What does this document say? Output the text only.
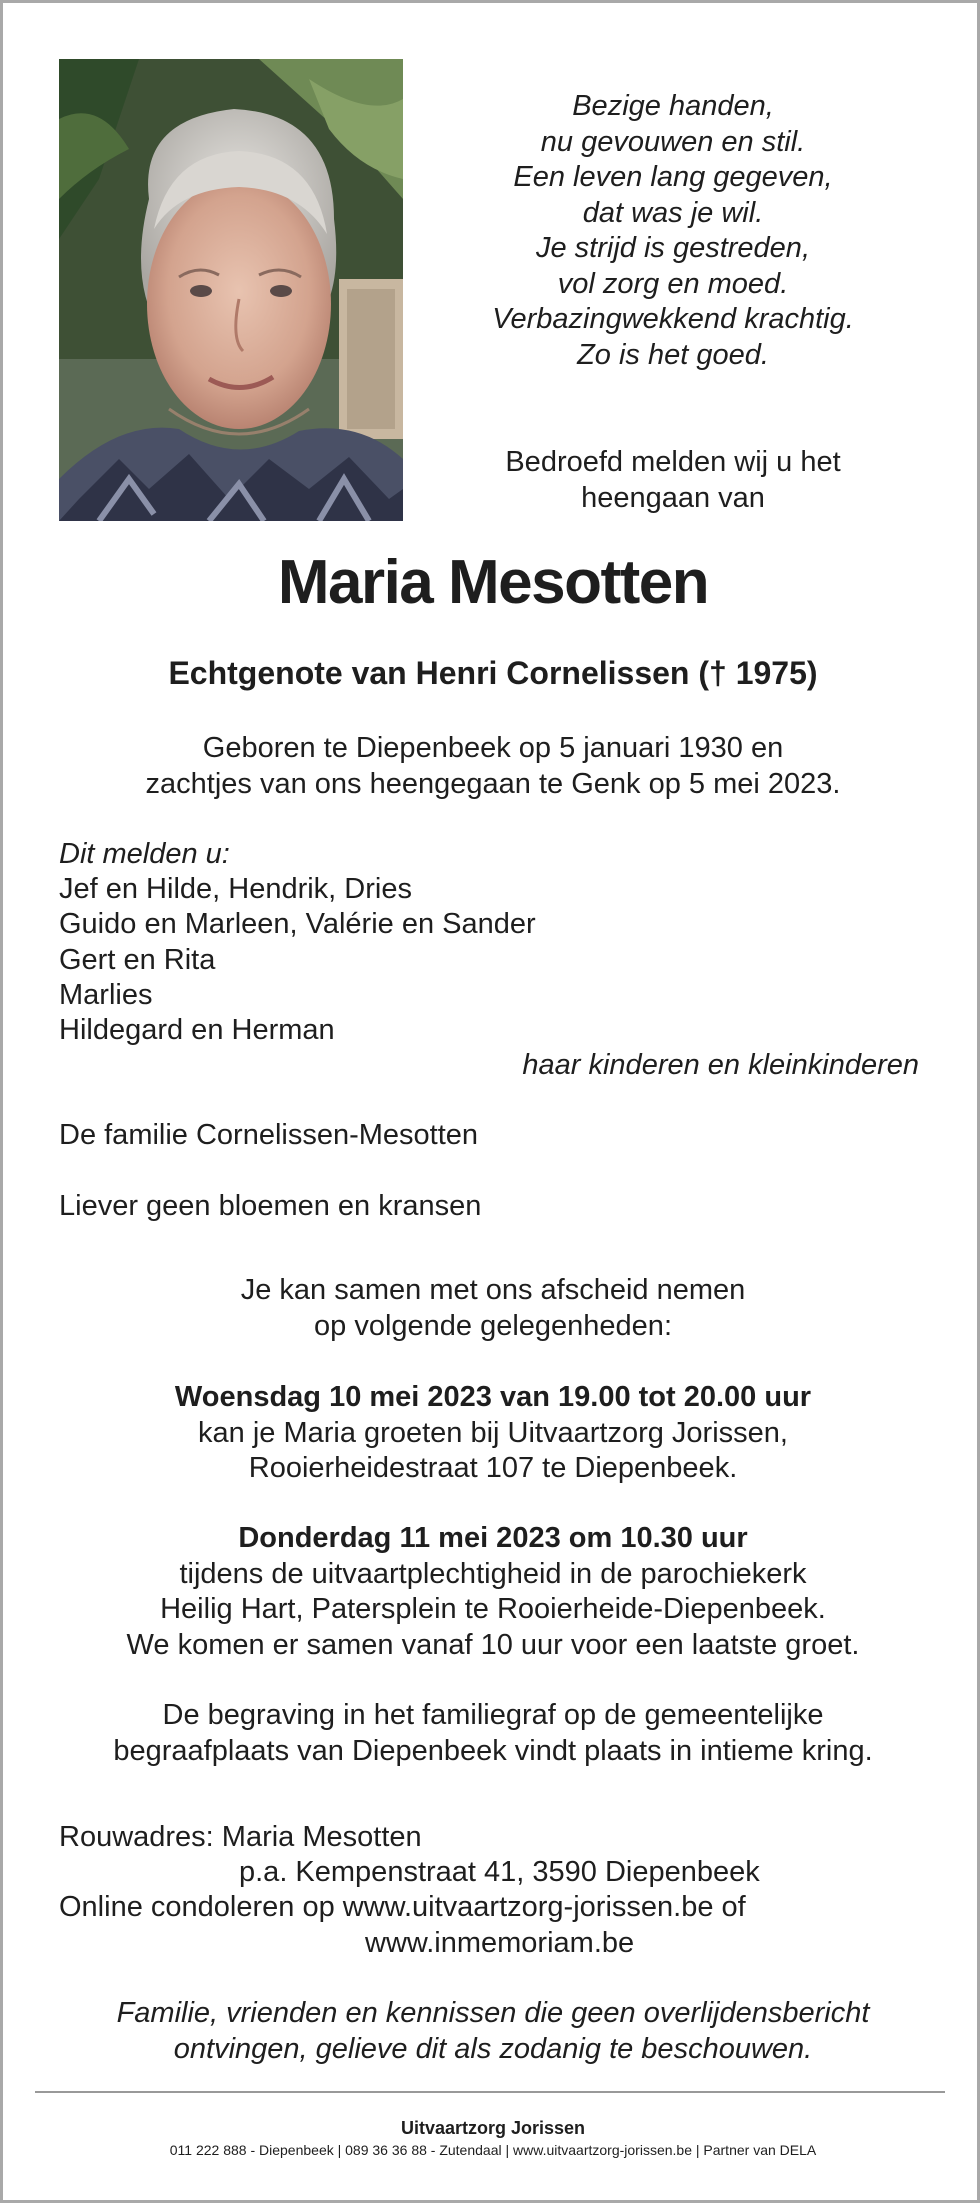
Bezige handen,
nu gevouwen en stil.
Een leven lang gegeven,
dat was je wil.
Je strijd is gestreden,
vol zorg en moed.
Verbazingwekkend krachtig.
Zo is het goed.
Bedroefd melden wij u het
heengaan van
Maria Mesotten
Echtgenote van Henri Cornelissen († 1975)
Geboren te Diepenbeek op 5 januari 1930 en
zachtjes van ons heengegaan te Genk op 5 mei 2023.
Dit melden u:
Jef en Hilde, Hendrik, Dries
Guido en Marleen, Valérie en Sander
Gert en Rita
Marlies
Hildegard en Herman
haar kinderen en kleinkinderen
De familie Cornelissen-Mesotten
Liever geen bloemen en kransen
Je kan samen met ons afscheid nemen
op volgende gelegenheden:
Woensdag 10 mei 2023 van 19.00 tot 20.00 uur
kan je Maria groeten bij Uitvaartzorg Jorissen,
Rooierheidestraat 107 te Diepenbeek.
Donderdag 11 mei 2023 om 10.30 uur
tijdens de uitvaartplechtigheid in de parochiekerk
Heilig Hart, Patersplein te Rooierheide-Diepenbeek.
We komen er samen vanaf 10 uur voor een laatste groet.
De begraving in het familiegraf op de gemeentelijke
begraafplaats van Diepenbeek vindt plaats in intieme kring.
Rouwadres: Maria Mesotten
p.a. Kempenstraat 41, 3590 Diepenbeek
Online condoleren op www.uitvaartzorg-jorissen.be of
www.inmemoriam.be
Familie, vrienden en kennissen die geen overlijdensbericht
ontvingen, gelieve dit als zodanig te beschouwen.
Uitvaartzorg Jorissen
011 222 888 - Diepenbeek | 089 36 36 88 - Zutendaal | www.uitvaartzorg-jorissen.be | Partner van DELA
